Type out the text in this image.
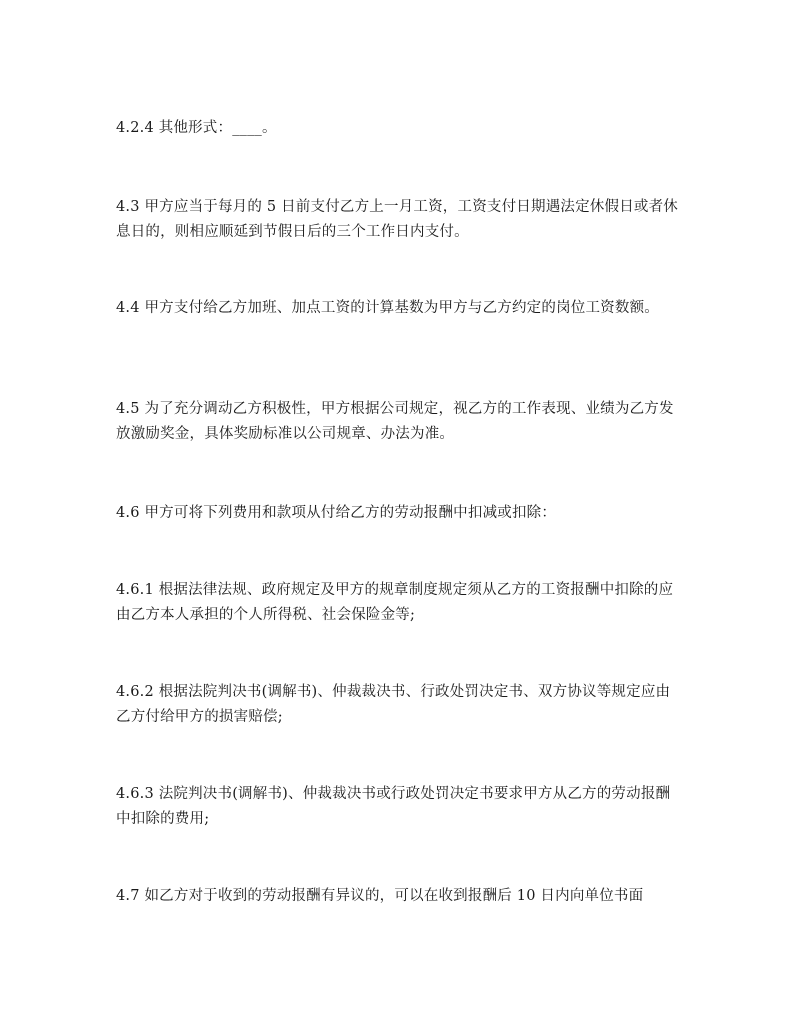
4.2.4 其他形式：____。

4.3 甲方应当于每月的 5 日前支付乙方上一月工资，工资支付日期遇法定休假日或者休息日的，则相应顺延到节假日后的三个工作日内支付。

4.4 甲方支付给乙方加班、加点工资的计算基数为甲方与乙方约定的岗位工资数额。

4.5 为了充分调动乙方积极性，甲方根据公司规定，视乙方的工作表现、业绩为乙方发放激励奖金，具体奖励标准以公司规章、办法为准。

4.6 甲方可将下列费用和款项从付给乙方的劳动报酬中扣减或扣除：

4.6.1 根据法律法规、政府规定及甲方的规章制度规定须从乙方的工资报酬中扣除的应由乙方本人承担的个人所得税、社会保险金等;

4.6.2 根据法院判决书(调解书)、仲裁裁决书、行政处罚决定书、双方协议等规定应由乙方付给甲方的损害赔偿;

4.6.3 法院判决书(调解书)、仲裁裁决书或行政处罚决定书要求甲方从乙方的劳动报酬中扣除的费用;

4.7 如乙方对于收到的劳动报酬有异议的，可以在收到报酬后 10 日内向单位书面
